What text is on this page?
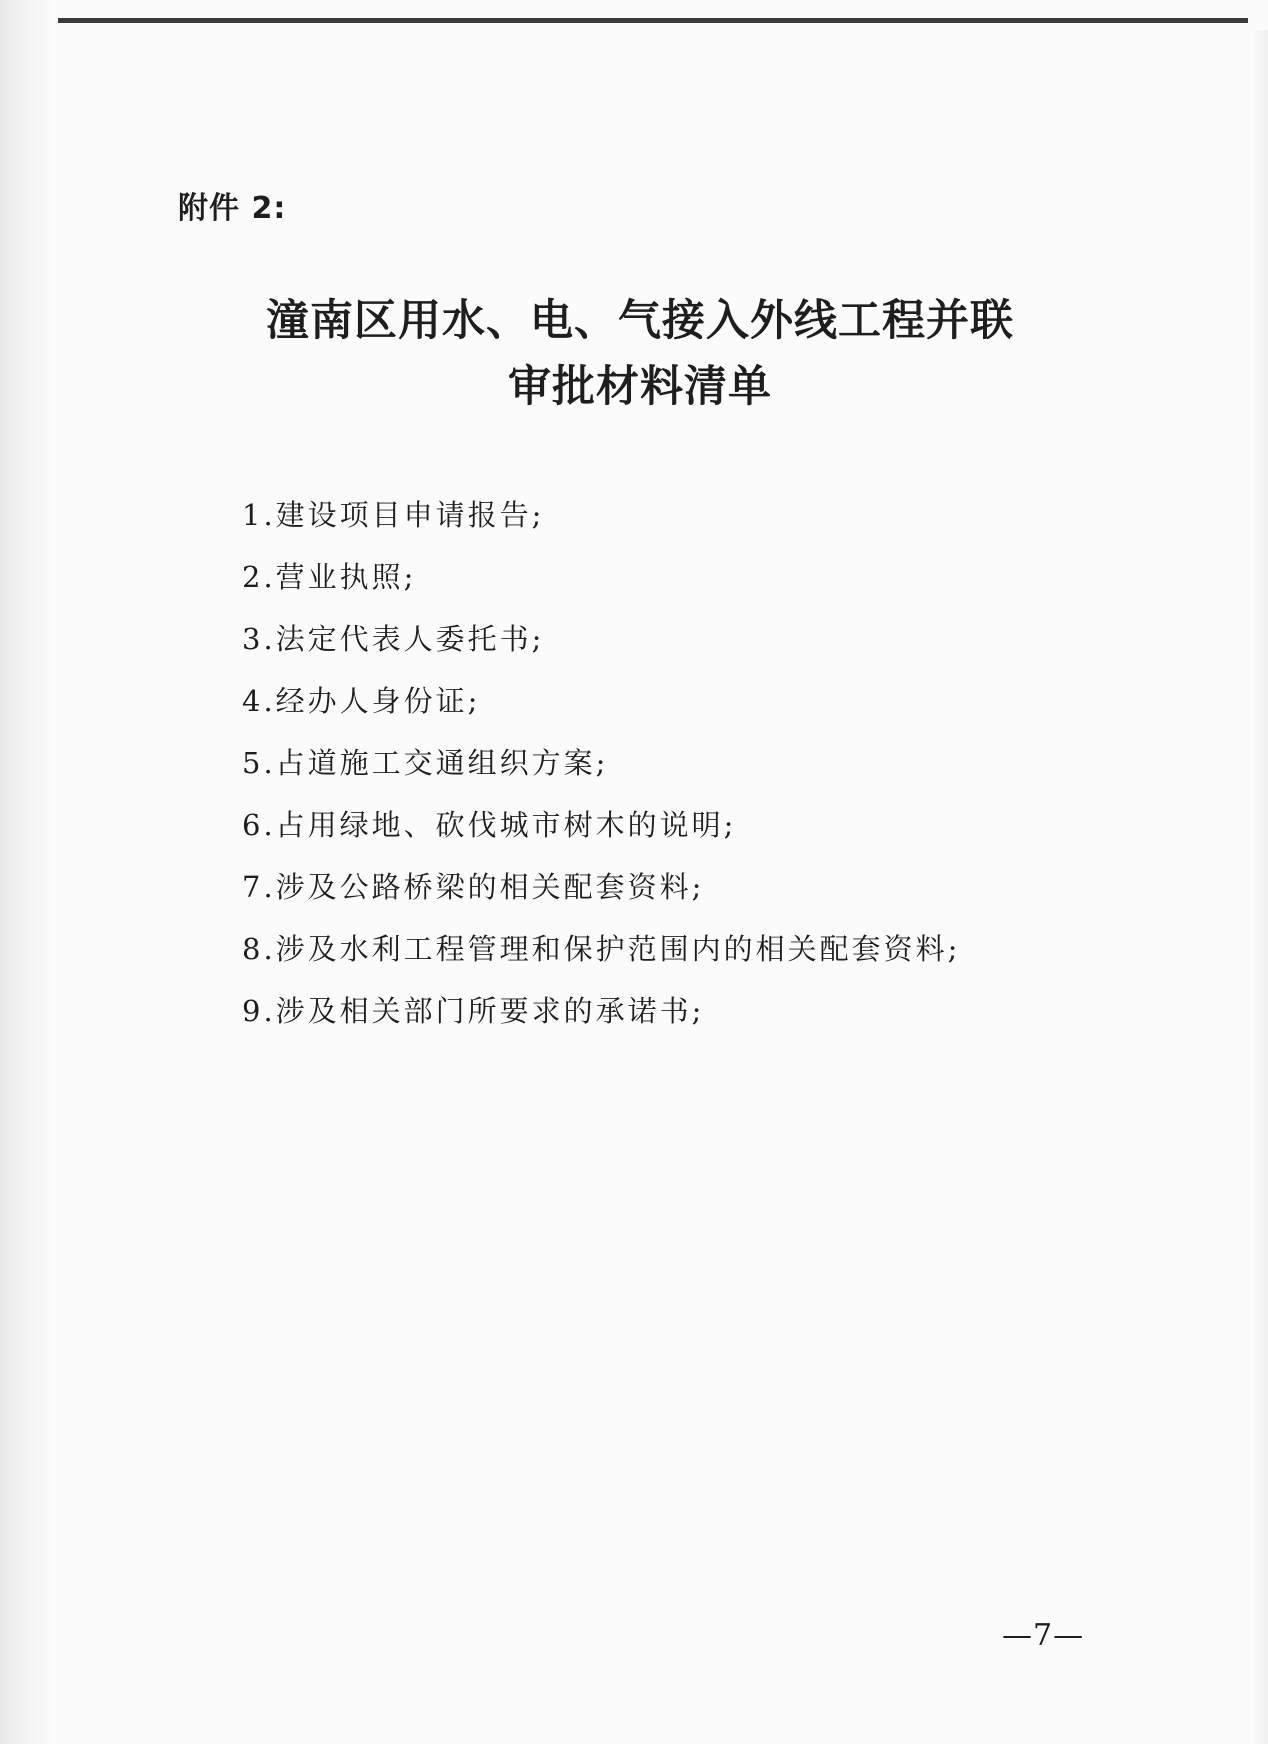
附件 2:
潼南区用水、电、气接入外线工程并联
审批材料清单
1.建设项目申请报告;
2.营业执照;
3.法定代表人委托书;
4.经办人身份证;
5.占道施工交通组织方案;
6.占用绿地、砍伐城市树木的说明;
7.涉及公路桥梁的相关配套资料;
8.涉及水利工程管理和保护范围内的相关配套资料;
9.涉及相关部门所要求的承诺书;
—7—
